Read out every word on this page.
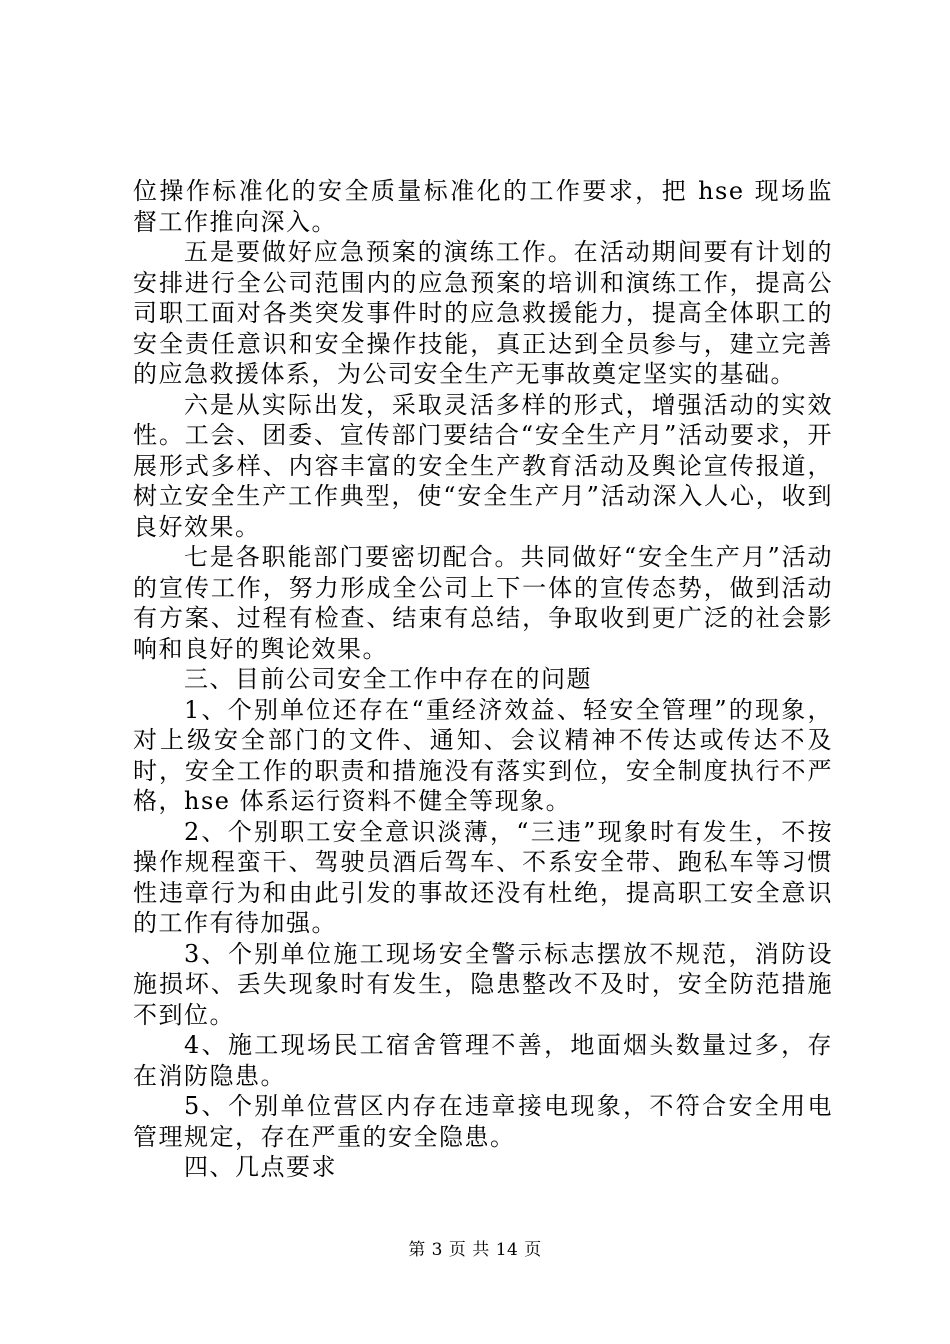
位操作标准化的安全质量标准化的工作要求，把 hse 现场监督工作推向深入。

五是要做好应急预案的演练工作。在活动期间要有计划的安排进行全公司范围内的应急预案的培训和演练工作，提高公司职工面对各类突发事件时的应急救援能力，提高全体职工的安全责任意识和安全操作技能，真正达到全员参与，建立完善的应急救援体系，为公司安全生产无事故奠定坚实的基础。

六是从实际出发，采取灵活多样的形式，增强活动的实效性。工会、团委、宣传部门要结合“安全生产月”活动要求，开展形式多样、内容丰富的安全生产教育活动及舆论宣传报道，树立安全生产工作典型，使“安全生产月”活动深入人心，收到良好效果。

七是各职能部门要密切配合。共同做好“安全生产月”活动的宣传工作，努力形成全公司上下一体的宣传态势，做到活动有方案、过程有检查、结束有总结，争取收到更广泛的社会影响和良好的舆论效果。

三、目前公司安全工作中存在的问题

1、个别单位还存在“重经济效益、轻安全管理”的现象，对上级安全部门的文件、通知、会议精神不传达或传达不及时，安全工作的职责和措施没有落实到位，安全制度执行不严格，hse 体系运行资料不健全等现象。

2、个别职工安全意识淡薄，“三违”现象时有发生，不按操作规程蛮干、驾驶员酒后驾车、不系安全带、跑私车等习惯性违章行为和由此引发的事故还没有杜绝，提高职工安全意识的工作有待加强。

3、个别单位施工现场安全警示标志摆放不规范，消防设施损坏、丢失现象时有发生，隐患整改不及时，安全防范措施不到位。

4、施工现场民工宿舍管理不善，地面烟头数量过多，存在消防隐患。

5、个别单位营区内存在违章接电现象，不符合安全用电管理规定，存在严重的安全隐患。

四、几点要求

第 3 页 共 14 页
